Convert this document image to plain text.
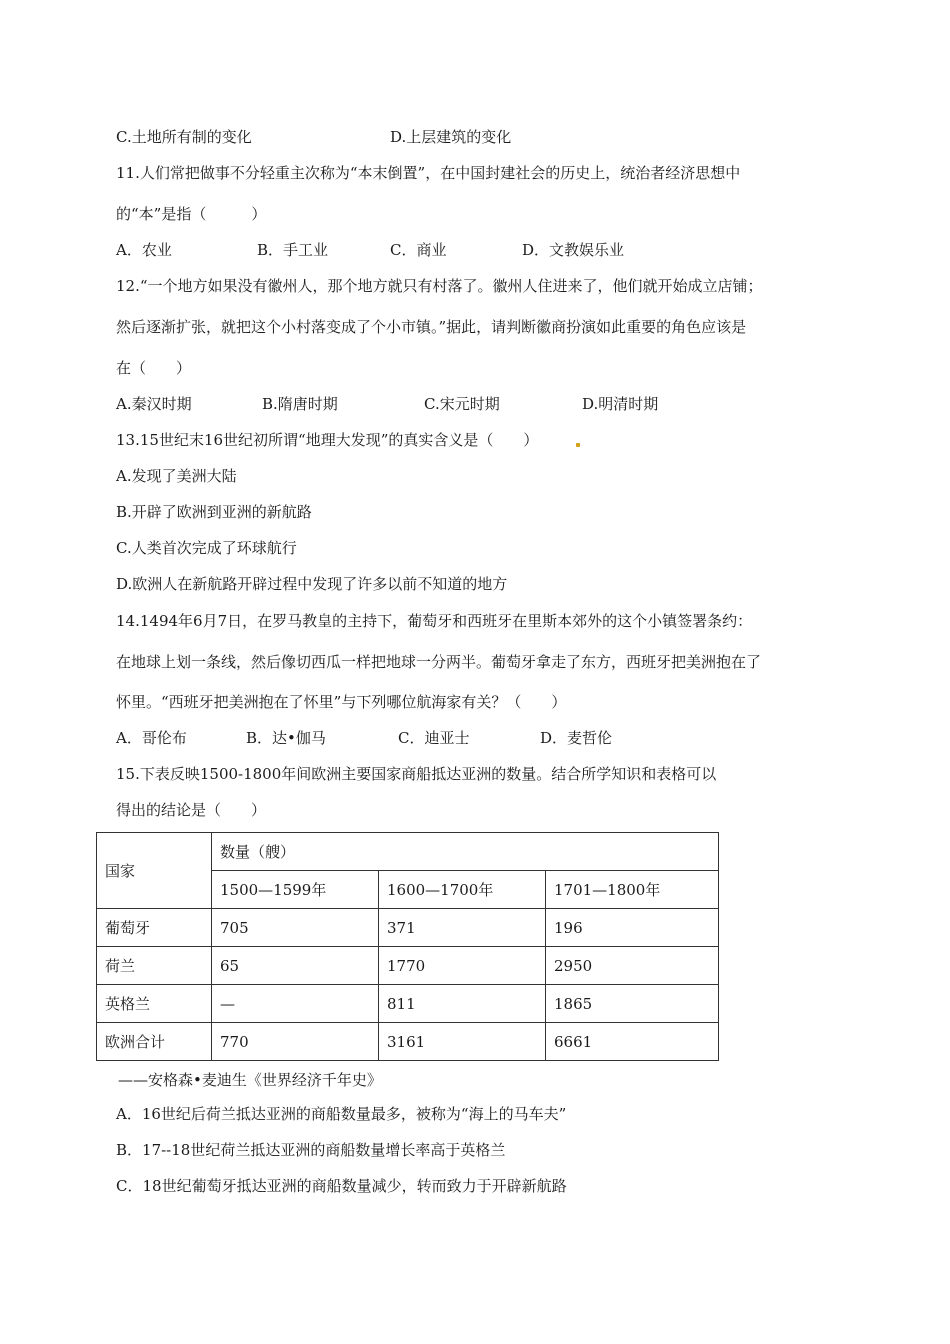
C.土地所有制的变化	D.上层建筑的变化
11.人们常把做事不分轻重主次称为“本末倒置”，在中国封建社会的历史上，统治者经济思想中
的“本”是指（　　　）
A．农业	B．手工业	C．商业	D．文教娱乐业
12.“一个地方如果没有徽州人，那个地方就只有村落了。徽州人住进来了，他们就开始成立店铺；
然后逐渐扩张，就把这个小村落变成了个小市镇。”据此，请判断徽商扮演如此重要的角色应该是
在（　　）
A.秦汉时期	B.隋唐时期	C.宋元时期	D.明清时期
13.15世纪末16世纪初所谓“地理大发现”的真实含义是（　　）
A.发现了美洲大陆
B.开辟了欧洲到亚洲的新航路
C.人类首次完成了环球航行
D.欧洲人在新航路开辟过程中发现了许多以前不知道的地方
14.1494年6月7日，在罗马教皇的主持下，葡萄牙和西班牙在里斯本郊外的这个小镇签署条约：
在地球上划一条线，然后像切西瓜一样把地球一分两半。葡萄牙拿走了东方，西班牙把美洲抱在了
怀里。“西班牙把美洲抱在了怀里”与下列哪位航海家有关？（　　）
A．哥伦布	B．达•伽马	C．迪亚士	D．麦哲伦
15.下表反映1500-1800年间欧洲主要国家商船抵达亚洲的数量。结合所学知识和表格可以
得出的结论是（　　）
国家	数量（艘）		
	1500—1599年	1600—1700年	1701—1800年
葡萄牙	705	371	196
荷兰	65	1770	2950
英格兰	—	811	1865
欧洲合计	770	3161	6661
——安格森•麦迪生《世界经济千年史》
A．16世纪后荷兰抵达亚洲的商船数量最多，被称为“海上的马车夫”
B．17--18世纪荷兰抵达亚洲的商船数量增长率高于英格兰
C．18世纪葡萄牙抵达亚洲的商船数量减少，转而致力于开辟新航路
